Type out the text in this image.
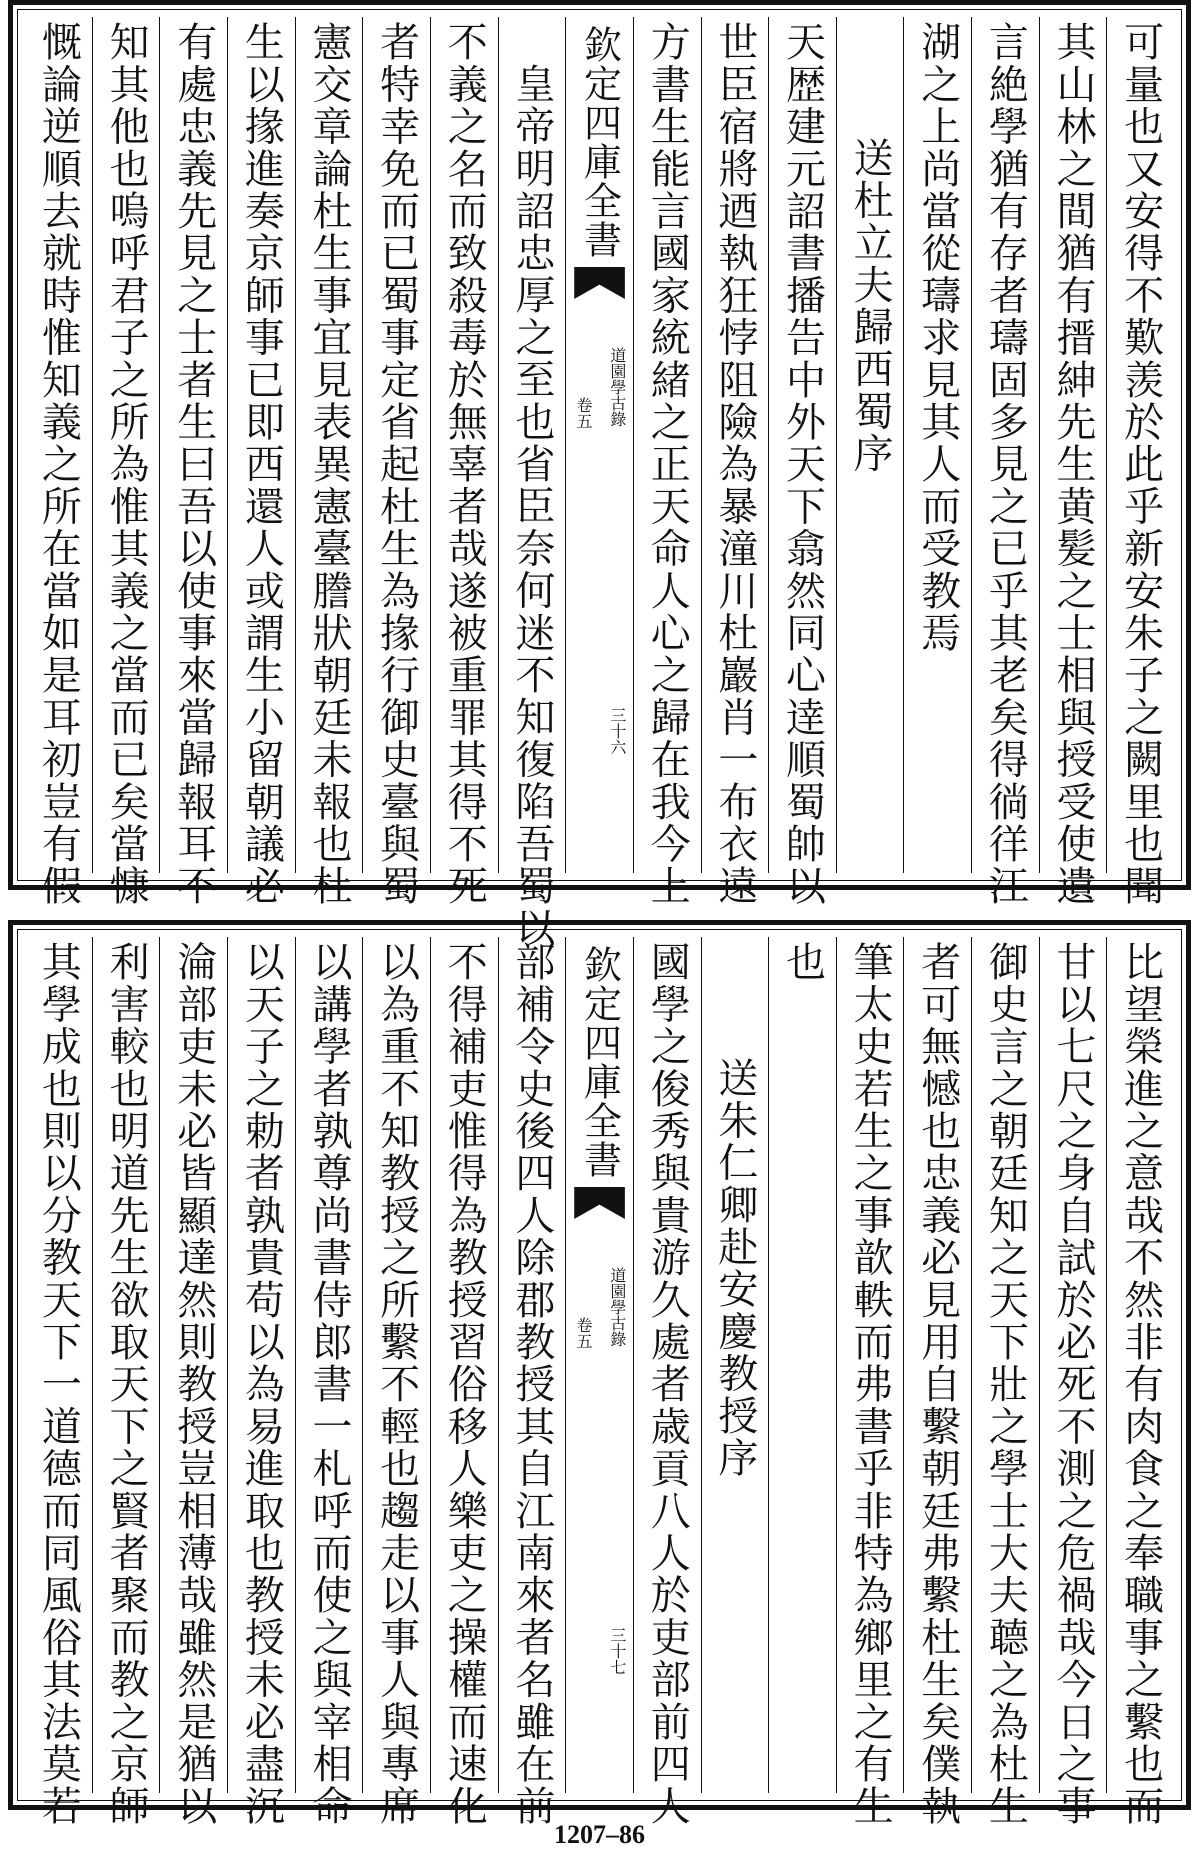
可量也又安得不歎羡於此乎新安朱子之闕里也聞
其山林之間猶有搢紳先生黄髪之士相與授受使遺
言絶學猶有存者璹固多見之已乎其老矣得徜徉江
湖之上尚當從璹求見其人而受教焉
送杜立夫歸西蜀序
天歴建元詔書播告中外天下翕然同心逹順蜀帥以
世臣宿將迺執狂悖阻險為暴潼川杜巖肖一布衣遠
方書生能言國家統緒之正天命人心之歸在我今上
欽定四庫全書
道園學古錄
卷五
三十六
皇帝明詔忠厚之至也省臣奈何迷不知復陷吾蜀以
不義之名而致殺毒於無辜者哉遂被重罪其得不死
者特幸免而已蜀事定省起杜生為掾行御史臺與蜀
憲交章論杜生事宜見表異憲臺謄狀朝廷未報也杜
生以掾進奏京師事已即西還人或謂生小留朝議必
有處忠義先見之士者生曰吾以使事來當歸報耳不
知其他也嗚呼君子之所為惟其義之當而已矣當慷
慨論逆順去就時惟知義之所在當如是耳初豈有假
比望榮進之意哉不然非有肉食之奉職事之繫也而
甘以七尺之身自試於必死不測之危禍哉今日之事
御史言之朝廷知之天下壯之學士大夫聼之為杜生
者可無憾也忠義必見用自繫朝廷弗繫杜生矣僕執
筆太史若生之事歆軼而弗書乎非特為鄉里之有生
也
送朱仁卿赴安慶教授序
國學之俊秀與貴游久處者歳貢八人於吏部前四人
欽定四庫全書
道園學古錄
卷五
三十七
部補令史後四人除郡教授其自江南來者名雖在前
不得補吏惟得為教授習俗移人樂吏之操權而速化
以為重不知教授之所繫不輕也趨走以事人與專席
以講學者孰尊尚書侍郎書一札呼而使之與宰相命
以天子之勅者孰貴苟以為易進取也教授未必盡沉
淪部吏未必皆顯達然則教授豈相薄哉雖然是猶以
利害較也明道先生欲取天下之賢者聚而教之京師
其學成也則以分教天下一道德而同風俗其法莫若
1207–86
